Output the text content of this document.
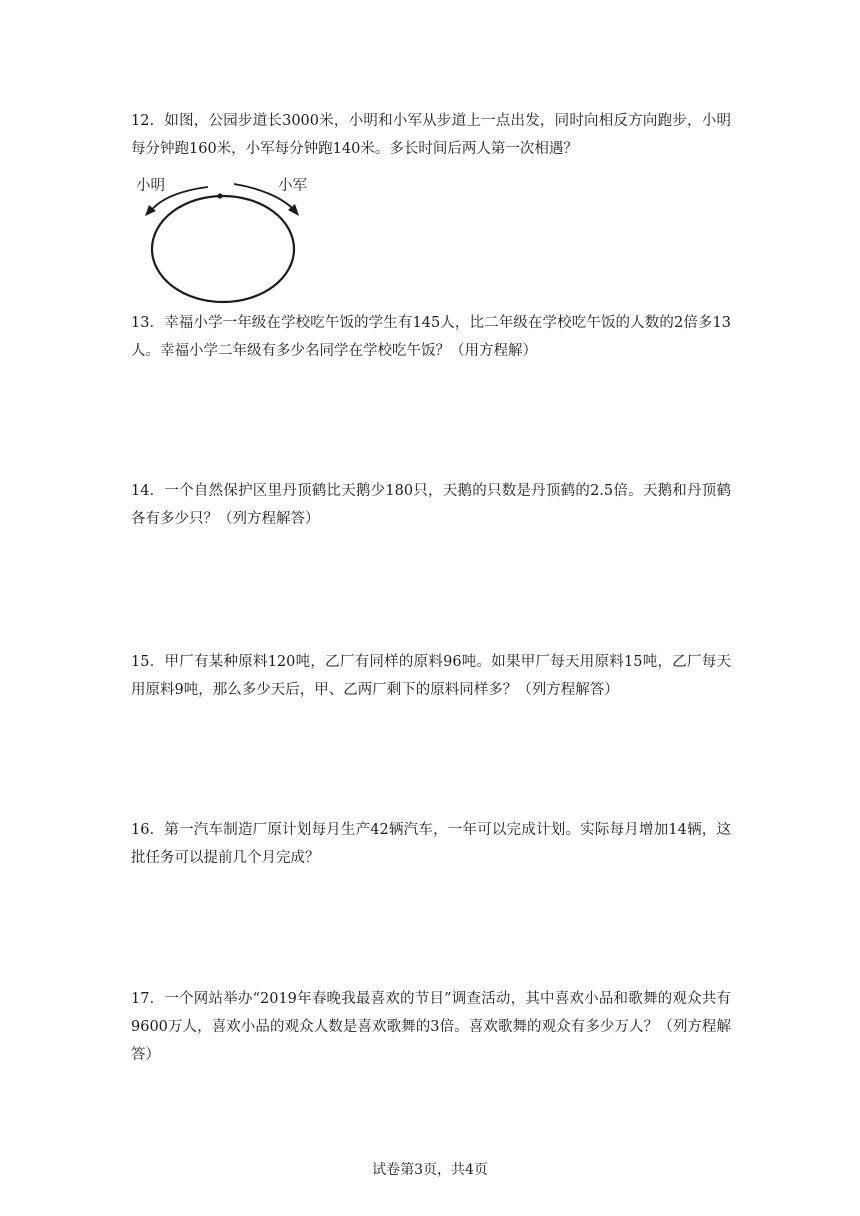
12．如图，公园步道长3000米，小明和小军从步道上一点出发，同时向相反方向跑步，小明每分钟跑160米，小军每分钟跑140米。多长时间后两人第一次相遇？

小明	小军

13．幸福小学一年级在学校吃午饭的学生有145人，比二年级在学校吃午饭的人数的2倍多13人。幸福小学二年级有多少名同学在学校吃午饭？（用方程解）

14．一个自然保护区里丹顶鹤比天鹅少180只，天鹅的只数是丹顶鹤的2.5倍。天鹅和丹顶鹤各有多少只？（列方程解答）

15．甲厂有某种原料120吨，乙厂有同样的原料96吨。如果甲厂每天用原料15吨，乙厂每天用原料9吨，那么多少天后，甲、乙两厂剩下的原料同样多？（列方程解答）

16．第一汽车制造厂原计划每月生产42辆汽车，一年可以完成计划。实际每月增加14辆，这批任务可以提前几个月完成？

17．一个网站举办“2019年春晚我最喜欢的节目”调查活动，其中喜欢小品和歌舞的观众共有9600万人，喜欢小品的观众人数是喜欢歌舞的3倍。喜欢歌舞的观众有多少万人？（列方程解答）

试卷第3页，共4页
